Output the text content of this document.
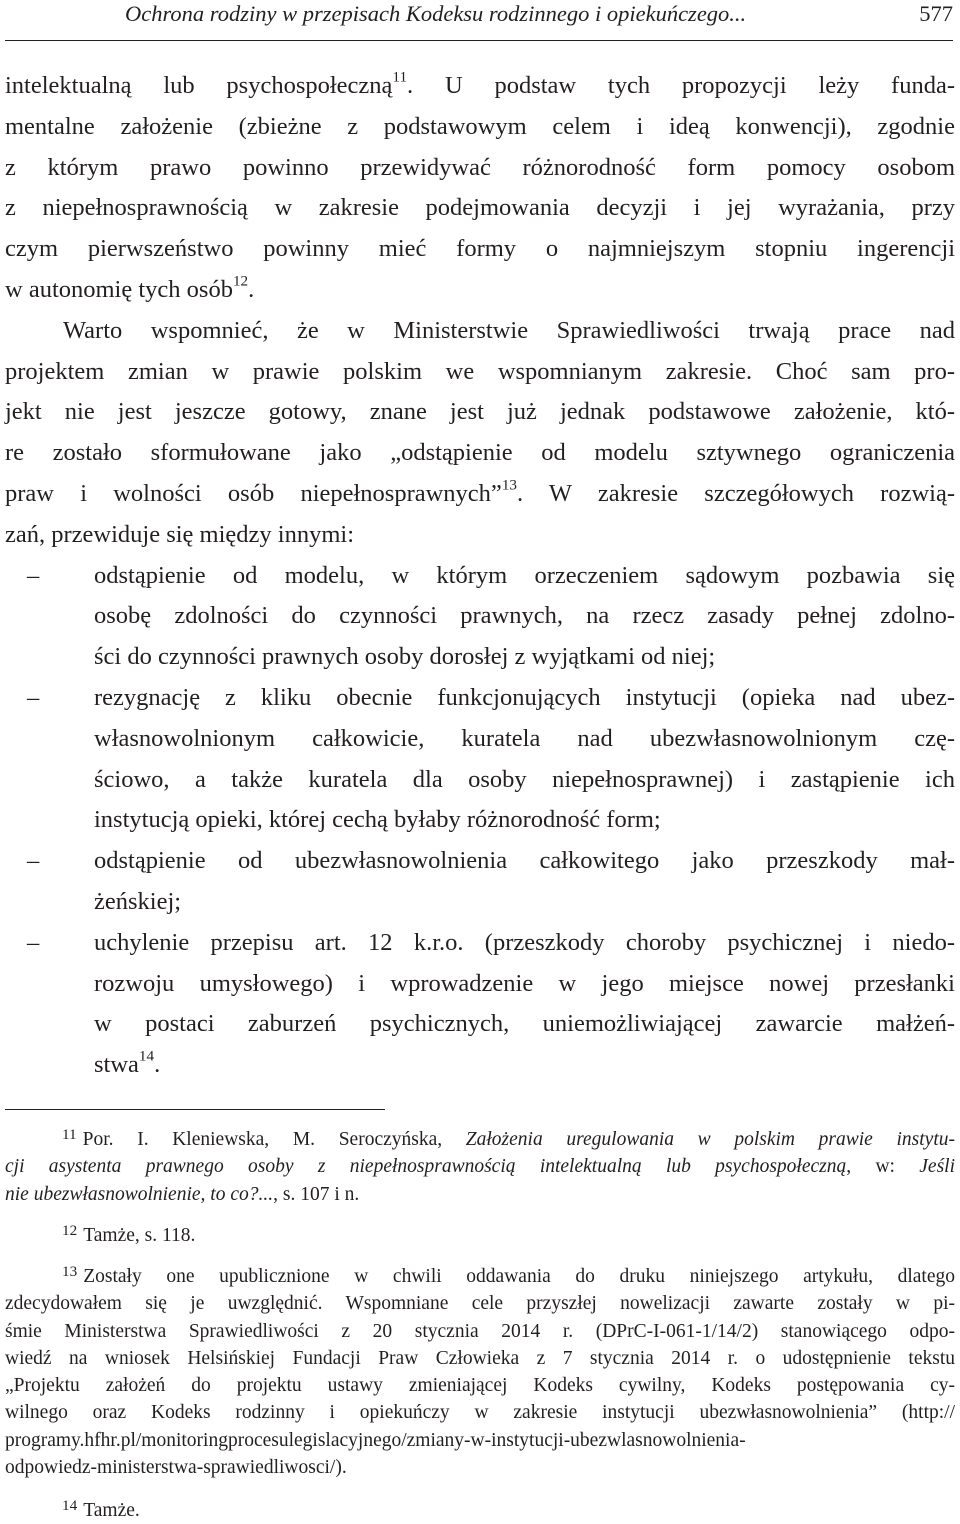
Ochrona rodziny w przepisach Kodeksu rodzinnego i opiekuńczego...	577
intelektualną lub psychospołeczną$^{11}$. U podstaw tych propozycji leży funda-
mentalne założenie (zbieżne z podstawowym celem i ideą konwencji), zgodnie
z którym prawo powinno przewidywać różnorodność form pomocy osobom
z niepełnosprawnością w zakresie podejmowania decyzji i jej wyrażania, przy
czym pierwszeństwo powinny mieć formy o najmniejszym stopniu ingerencji
w autonomię tych osób$^{12}$.
Warto wspomnieć, że w Ministerstwie Sprawiedliwości trwają prace nad
projektem zmian w prawie polskim we wspomnianym zakresie. Choć sam pro-
jekt nie jest jeszcze gotowy, znane jest już jednak podstawowe założenie, któ-
re zostało sformułowane jako „odstąpienie od modelu sztywnego ograniczenia
praw i wolności osób niepełnosprawnych”$^{13}$. W zakresie szczegółowych rozwią-
zań, przewiduje się między innymi:
– odstąpienie od modelu, w którym orzeczeniem sądowym pozbawia się
osobę zdolności do czynności prawnych, na rzecz zasady pełnej zdolno-
ści do czynności prawnych osoby dorosłej z wyjątkami od niej;
– rezygnację z kliku obecnie funkcjonujących instytucji (opieka nad ubez-
własnowolnionym całkowicie, kuratela nad ubezwłasnowolnionym czę-
ściowo, a także kuratela dla osoby niepełnosprawnej) i zastąpienie ich
instytucją opieki, której cechą byłaby różnorodność form;
– odstąpienie od ubezwłasnowolnienia całkowitego jako przeszkody mał-
żeńskiej;
– uchylenie przepisu art. 12 k.r.o. (przeszkody choroby psychicznej i niedo-
rozwoju umysłowego) i wprowadzenie w jego miejsce nowej przesłanki
w postaci zaburzeń psychicznych, uniemożliwiającej zawarcie małżeń-
stwa$^{14}$.
$^{11}$ Por. I. Kleniewska, M. Seroczyńska, Założenia uregulowania w polskim prawie instytu-
cji asystenta prawnego osoby z niepełnosprawnością intelektualną lub psychospołeczną, w: Jeśli
nie ubezwłasnowolnienie, to co?..., s. 107 i n.
$^{12}$ Tamże, s. 118.
$^{13}$ Zostały one upublicznione w chwili oddawania do druku niniejszego artykułu, dlatego
zdecydowałem się je uwzględnić. Wspomniane cele przyszłej nowelizacji zawarte zostały w pi-
śmie Ministerstwa Sprawiedliwości z 20 stycznia 2014 r. (DPrC-I-061-1/14/2) stanowiącego odpo-
wiedź na wniosek Helsińskiej Fundacji Praw Człowieka z 7 stycznia 2014 r. o udostępnienie tekstu
„Projektu założeń do projektu ustawy zmieniającej Kodeks cywilny, Kodeks postępowania cy-
wilnego oraz Kodeks rodzinny i opiekuńczy w zakresie instytucji ubezwłasnowolnienia” (http://
programy.hfhr.pl/monitoringprocesulegislacyjnego/zmiany-w-instytucji-ubezwlasnowolnienia-
odpowiedz-ministerstwa-sprawiedliwosci/).
$^{14}$ Tamże.
